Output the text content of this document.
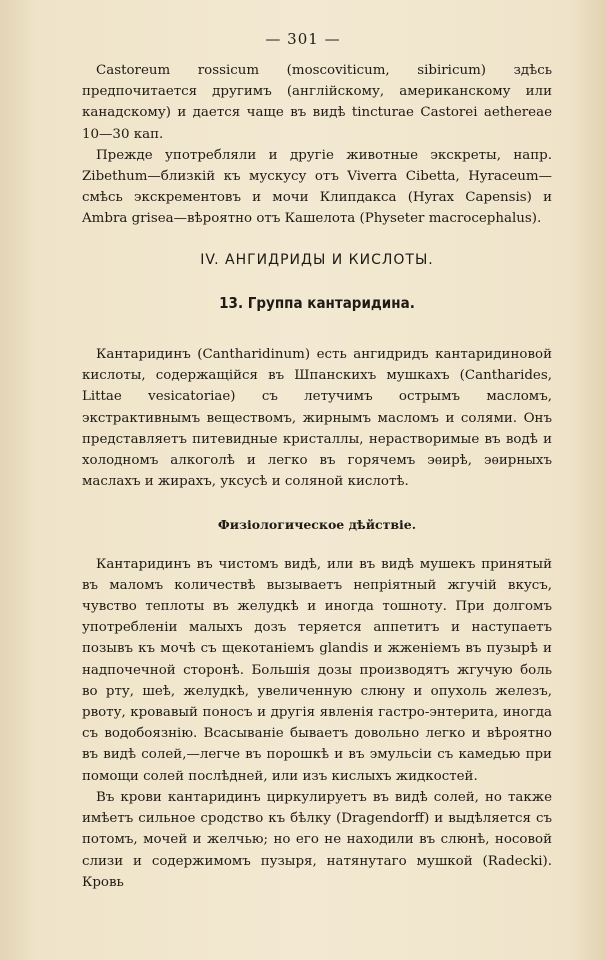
— 301 —

Castoreum rossicum (moscoviticum, sibiricum) здѣсь предпочитается другимъ (англійскому, американскому или канадскому) и дается чаще въ видѣ tincturae Castorei aethereae 10—30 кап.

Прежде употребляли и другіе животные экскреты, напр. Zibethum—близкій къ мускусу отъ Viverra Cibetta, Hyraceum—смѣсь экскрементовъ и мочи Клипдакса (Hyrax Capensis) и Ambra grisea—вѣроятно отъ Кашелота (Physeter macrocephalus).

IV. АНГИДРИДЫ И КИСЛОТЫ.
13. Группа кантаридина.

Кантаридинъ (Cantharidinum) есть ангидридъ кантаридиновой кислоты, содержащійся въ Шпанскихъ мушкахъ (Cantharides, Littae vesicatoriae) съ летучимъ острымъ масломъ, экстрактивнымъ веществомъ, жирнымъ масломъ и солями. Онъ представляетъ питевидные кристаллы, нерастворимые въ водѣ и холодномъ алкоголѣ и легко въ горячемъ эѳирѣ, эѳирныхъ маслахъ и жирахъ, уксусѣ и соляной кислотѣ.

Физіологическое дѣйствіе.

Кантаридинъ въ чистомъ видѣ, или въ видѣ мушекъ принятый въ маломъ количествѣ вызываетъ непріятный жгучій вкусъ, чувство теплоты въ желудкѣ и иногда тошноту. При долгомъ употребленіи малыхъ дозъ теряется аппетитъ и наступаетъ позывъ къ мочѣ съ щекотаніемъ glandis и жженіемъ въ пузырѣ и надпочечной сторонѣ. Большія дозы производятъ жгучую боль во рту, шеѣ, желудкѣ, увеличенную слюну и опухоль железъ, рвоту, кровавый поносъ и другія явленія гастро-энтерита, иногда съ водобоязнію. Всасываніе бываетъ довольно легко и вѣроятно въ видѣ солей,—легче въ порошкѣ и въ эмульсіи съ камедью при помощи солей послѣдней, или изъ кислыхъ жидкостей.

Въ крови кантаридинъ циркулируетъ въ видѣ солей, но также имѣетъ сильное сродство къ бѣлку (Dragendorff) и выдѣляется съ потомъ, мочей и желчью; но его не находили въ слюнѣ, носовой слизи и содержимомъ пузыря, натянутаго мушкой (Radecki). Кровь
